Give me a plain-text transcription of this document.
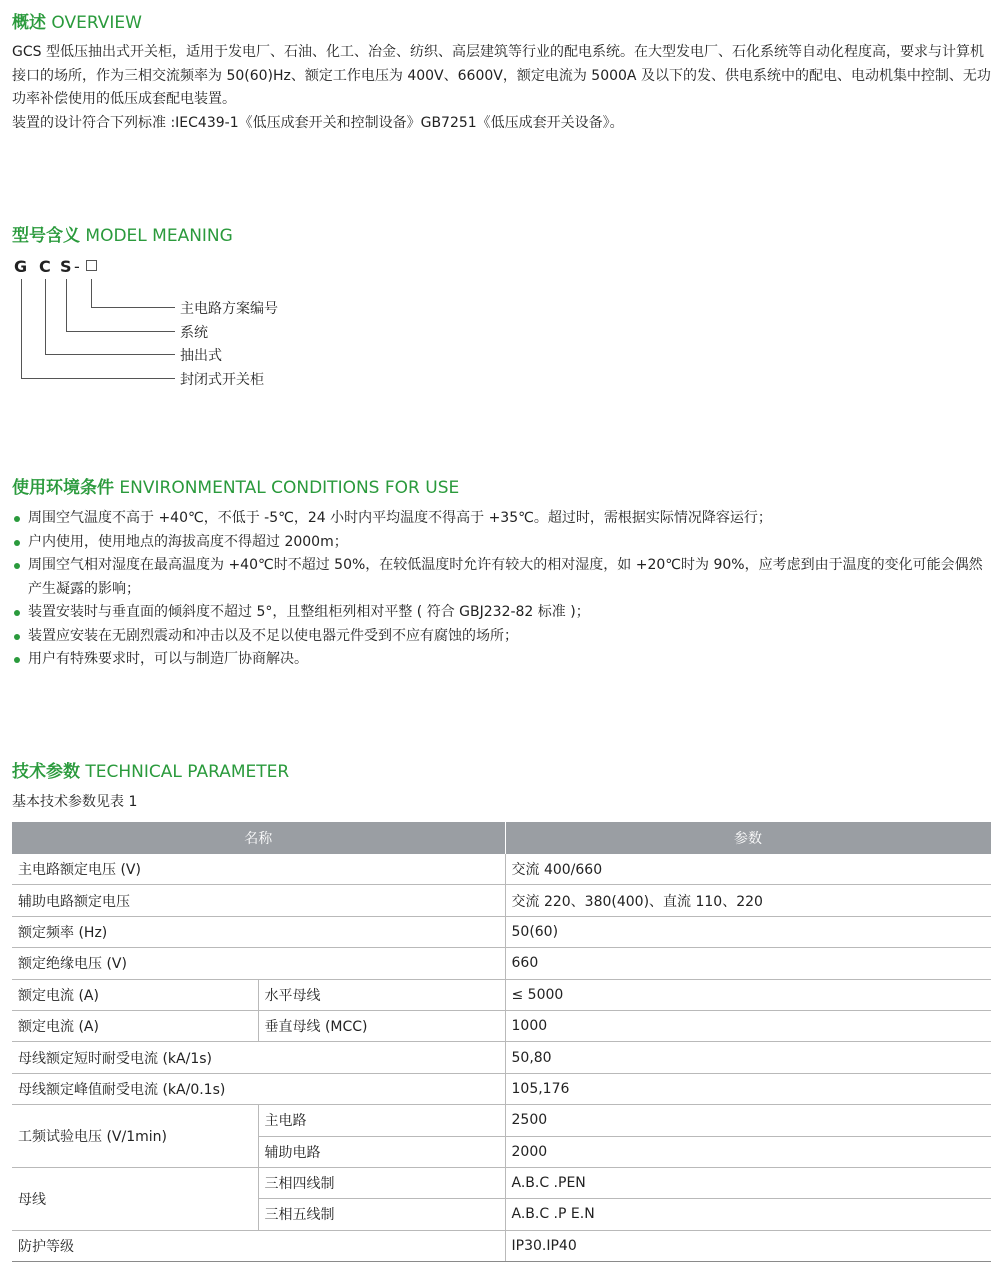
概述 OVERVIEW

GCS 型低压抽出式开关柜，适用于发电厂、石油、化工、冶金、纺织、高层建筑等行业的配电系统。在大型发电厂、石化系统等自动化程度高，要求与计算机接口的场所，作为三相交流频率为 50(60)Hz、额定工作电压为 400V、6600V，额定电流为 5000A 及以下的发、供电系统中的配电、电动机集中控制、无功功率补偿使用的低压成套配电装置。

装置的设计符合下列标准 :IEC439-1《低压成套开关和控制设备》GB7251《低压成套开关设备》。

型号含义 MODEL MEANING
G C S -
主电路方案编号
系统
抽出式
封闭式开关柜
使用环境条件 ENVIRONMENTAL CONDITIONS FOR USE
周围空气温度不高于 +40℃，不低于 -5℃，24 小时内平均温度不得高于 +35℃。超过时，需根据实际情况降容运行；
户内使用，使用地点的海拔高度不得超过 2000m；
周围空气相对湿度在最高温度为 +40℃时不超过 50%，在较低温度时允许有较大的相对湿度，如 +20℃时为 90%，应考虑到由于温度的变化可能会偶然产生凝露的影响；
装置安装时与垂直面的倾斜度不超过 5°，且整组柜列相对平整 ( 符合 GBJ232-82 标准 )；
装置应安装在无剧烈震动和冲击以及不足以使电器元件受到不应有腐蚀的场所；
用户有特殊要求时，可以与制造厂协商解决。
技术参数 TECHNICAL PARAMETER
基本技术参数见表 1
名称		参数
主电路额定电压 (V)		交流 400/660
辅助电路额定电压		交流 220、380(400)、直流 110、220
额定频率 (Hz)		50(60)
额定绝缘电压 (V)		660
额定电流 (A)	水平母线	≤ 5000
额定电流 (A)	垂直母线 (MCC)	1000
母线额定短时耐受电流 (kA/1s)		50,80
母线额定峰值耐受电流 (kA/0.1s)		105,176
工频试验电压 (V/1min)	主电路	2500
	辅助电路	2000
母线	三相四线制	A.B.C .PEN
	三相五线制	A.B.C .P E.N
防护等级		IP30.IP40
